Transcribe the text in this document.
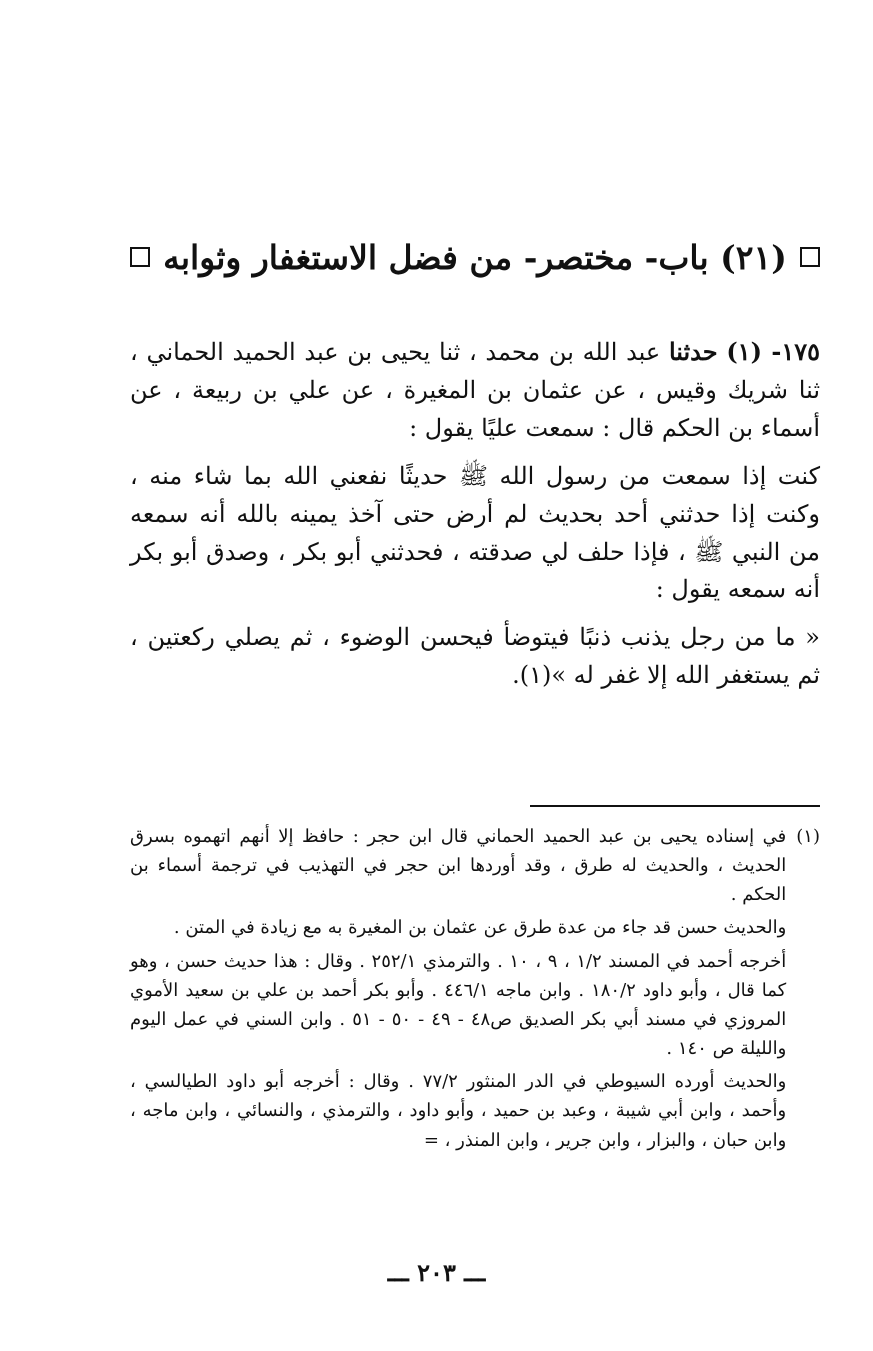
(٢١) باب- مختصر- من فضل الاستغفار وثوابه

١٧٥- (١) حدثنا عبد الله بن محمد ، ثنا يحيى بن عبد الحميد الحماني ، ثنا شريك وقيس ، عن عثمان بن المغيرة ، عن علي بن ربيعة ، عن أسماء بن الحكم قال : سمعت عليًا يقول :

كنت إذا سمعت من رسول الله ﷺ حديثًا نفعني الله بما شاء منه ، وكنت إذا حدثني أحد بحديث لم أرض حتى آخذ يمينه بالله أنه سمعه من النبي ﷺ ، فإذا حلف لي صدقته ، فحدثني أبو بكر ، وصدق أبو بكر أنه سمعه يقول :

« ما من رجل يذنب ذنبًا فيتوضأ فيحسن الوضوء ، ثم يصلي ركعتين ، ثم يستغفر الله إلا غفر له »(١).

(١)

في إسناده يحيى بن عبد الحميد الحماني قال ابن حجر : حافظ إلا أنهم اتهموه بسرق الحديث ، والحديث له طرق ، وقد أوردها ابن حجر في التهذيب في ترجمة أسماء بن الحكم .

والحديث حسن قد جاء من عدة طرق عن عثمان بن المغيرة به مع زيادة في المتن .

أخرجه أحمد في المسند ١/٢ ، ٩ ، ١٠ . والترمذي ٢٥٢/١ . وقال : هذا حديث حسن ، وهو كما قال ، وأبو داود ١٨٠/٢ . وابن ماجه ٤٤٦/١ . وأبو بكر أحمد بن علي بن سعيد الأموي المروزي في مسند أبي بكر الصديق ص٤٨ - ٤٩ - ٥٠ - ٥١ . وابن السني في عمل اليوم والليلة ص ١٤٠ .

والحديث أورده السيوطي في الدر المنثور ٧٧/٢ . وقال : أخرجه أبو داود الطيالسي ، وأحمد ، وابن أبي شيبة ، وعبد بن حميد ، وأبو داود ، والترمذي ، والنسائي ، وابن ماجه ، وابن حبان ، والبزار ، وابن جرير ، وابن المنذر ، =

ـــ ٢٠٣ ـــ
